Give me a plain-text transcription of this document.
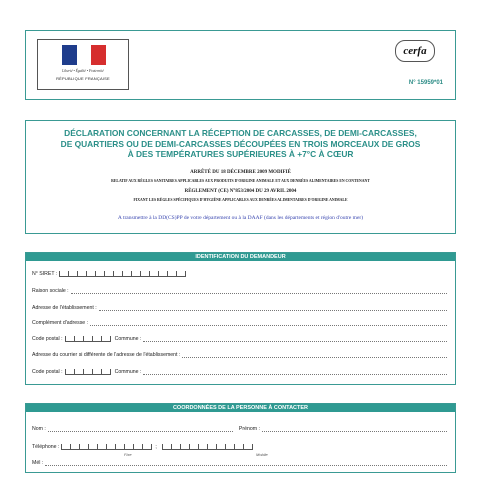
Liberté • Égalité • Fraternité
RÉPUBLIQUE FRANÇAISE
cerfa
N° 15959*01
DÉCLARATION CONCERNANT LA RÉCEPTION DE CARCASSES, DE DEMI-CARCASSES,
DE QUARTIERS OU DE DEMI-CARCASSES DÉCOUPÉES EN TROIS MORCEAUX DE GROS
À DES TEMPÉRATURES SUPÉRIEURES À +7°C À CŒUR
ARRÊTÉ DU 18 DÉCEMBRE 2009 MODIFIÉ
RELATIF AUX RÈGLES SANITAIRES APPLICABLES AUX PRODUITS D'ORIGINE ANIMALE ET AUX DENRÉES ALIMENTAIRES EN CONTENANT
RÈGLEMENT (CE) N°853/2004 DU 29 AVRIL 2004
FIXANT LES RÈGLES SPÉCIFIQUES D'HYGIÈNE APPLICABLES AUX DENRÉES ALIMENTAIRES D'ORIGINE ANIMALE
A transmettre à la DD(CS)PP de votre département ou à la DAAF (dans les départements et région d'outre mer)
IDENTIFICATION DU DEMANDEUR
N° SIRET :
Raison sociale :
Adresse de l'établissement :
Complément d'adresse :
Code postal :	Commune :
Adresse du courrier si différente de l'adresse de l'établissement :
Code postal :	Commune :
COORDONNÉES DE LA PERSONNE À CONTACTER
Nom :	Prénom :
Téléphone :	;
Fixe	Mobile
Mél :
